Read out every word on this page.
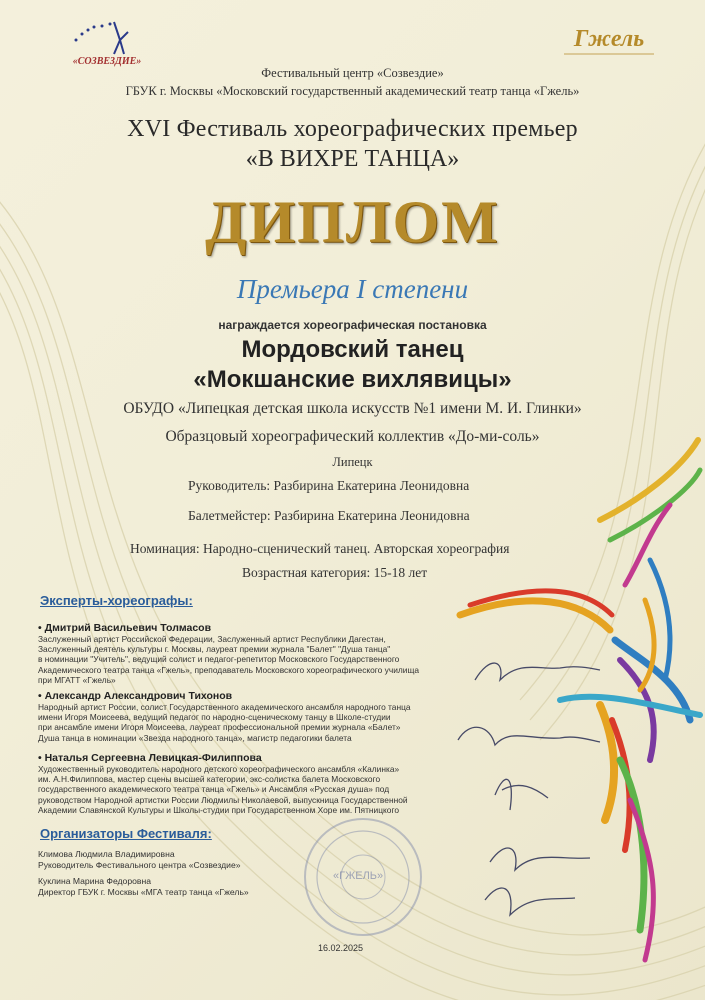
«СОЗВЕЗДИЕ»
Гжель
Фестивальный центр «Созвездие»
ГБУК г. Москвы «Московский государственный академический театр танца «Гжель»
XVI Фестиваль хореографических премьер
«В ВИХРЕ ТАНЦА»
ДИПЛОМ
Премьера I степени
награждается хореографическая постановка
Мордовский танец
«Мокшанские вихлявицы»
ОБУДО «Липецкая детская школа искусств №1 имени М. И. Глинки»
Образцовый хореографический коллектив «До-ми-соль»
Липецк
Руководитель: Разбирина Екатерина Леонидовна
Балетмейстер: Разбирина Екатерина Леонидовна
Номинация: Народно-сценический танец. Авторская хореография
Возрастная категория: 15-18 лет
Эксперты-хореографы:
• Дмитрий Васильевич Толмасов
Заслуженный артист Российской Федерации, Заслуженный артист Республики Дагестан,
Заслуженный деятель культуры г. Москвы, лауреат премии журнала "Балет" "Душа танца"
в номинации "Учитель", ведущий солист и педагог-репетитор Московского Государственного
Академического театра танца «Гжель», преподаватель Московского хореографического училища
при МГАТТ «Гжель»
• Александр Александрович Тихонов
Народный артист России, солист Государственного академического ансамбля народного танца
имени Игоря Моисеева, ведущий педагог по народно-сценическому танцу в Школе-студии
при ансамбле имени Игоря Моисеева, лауреат профессиональной премии журнала «Балет»
Душа танца в номинации «Звезда народного танца», магистр педагогики балета
• Наталья Сергеевна Левицкая-Филиппова
Художественный руководитель народного детского хореографического ансамбля «Калинка»
им. А.Н.Филиппова, мастер сцены высшей категории, экс-солистка балета Московского
государственного академического театра танца «Гжель» и Ансамбля «Русская душа» под
руководством Народной артистки России Людмилы Николаевой, выпускница Государственной
Академии Славянской Культуры и Школы-студии при Государственном Хоре им. Пятницкого
Организаторы Фестиваля:
Климова Людмила Владимировна
Руководитель Фестивального центра «Созвездие»
Куклина Марина Федоровна
Директор ГБУК г. Москвы «МГА театр танца «Гжель»
«ГЖЕЛЬ»
16.02.2025
